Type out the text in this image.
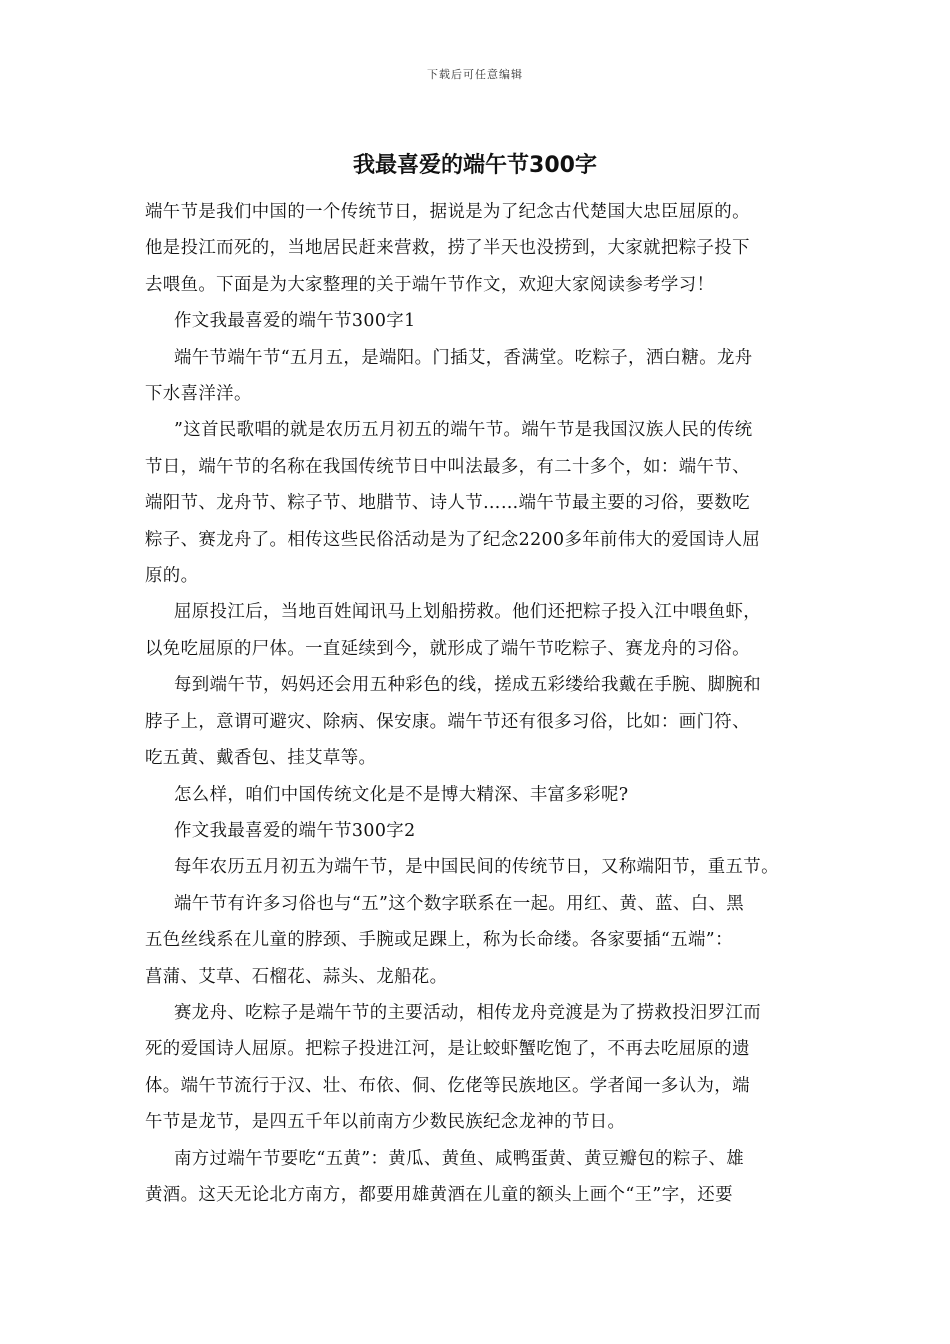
下载后可任意编辑
我最喜爱的端午节300字

端午节是我们中国的一个传统节日，据说是为了纪念古代楚国大忠臣屈原的。

他是投江而死的，当地居民赶来营救，捞了半天也没捞到，大家就把粽子投下

去喂鱼。下面是为大家整理的关于端午节作文，欢迎大家阅读参考学习！

作文我最喜爱的端午节300字1

端午节端午节“五月五，是端阳。门插艾，香满堂。吃粽子，洒白糖。龙舟

下水喜洋洋。

”这首民歌唱的就是农历五月初五的端午节。端午节是我国汉族人民的传统

节日，端午节的名称在我国传统节日中叫法最多，有二十多个，如：端午节、

端阳节、龙舟节、粽子节、地腊节、诗人节……端午节最主要的习俗，要数吃

粽子、赛龙舟了。相传这些民俗活动是为了纪念2200多年前伟大的爱国诗人屈

原的。

屈原投江后，当地百姓闻讯马上划船捞救。他们还把粽子投入江中喂鱼虾，

以免吃屈原的尸体。一直延续到今，就形成了端午节吃粽子、赛龙舟的习俗。

每到端午节，妈妈还会用五种彩色的线，搓成五彩缕给我戴在手腕、脚腕和

脖子上，意谓可避灾、除病、保安康。端午节还有很多习俗，比如：画门符、

吃五黄、戴香包、挂艾草等。

怎么样，咱们中国传统文化是不是博大精深、丰富多彩呢?

作文我最喜爱的端午节300字2

每年农历五月初五为端午节，是中国民间的传统节日，又称端阳节，重五节。

端午节有许多习俗也与“五”这个数字联系在一起。用红、黄、蓝、白、黑

五色丝线系在儿童的脖颈、手腕或足踝上，称为长命缕。各家要插“五端”：

菖蒲、艾草、石榴花、蒜头、龙船花。

赛龙舟、吃粽子是端午节的主要活动，相传龙舟竞渡是为了捞救投汨罗江而

死的爱国诗人屈原。把粽子投进江河，是让蛟虾蟹吃饱了，不再去吃屈原的遗

体。端午节流行于汉、壮、布依、侗、仡佬等民族地区。学者闻一多认为，端

午节是龙节，是四五千年以前南方少数民族纪念龙神的节日。

南方过端午节要吃“五黄”：黄瓜、黄鱼、咸鸭蛋黄、黄豆瓣包的粽子、雄

黄酒。这天无论北方南方，都要用雄黄酒在儿童的额头上画个“王”字，还要
